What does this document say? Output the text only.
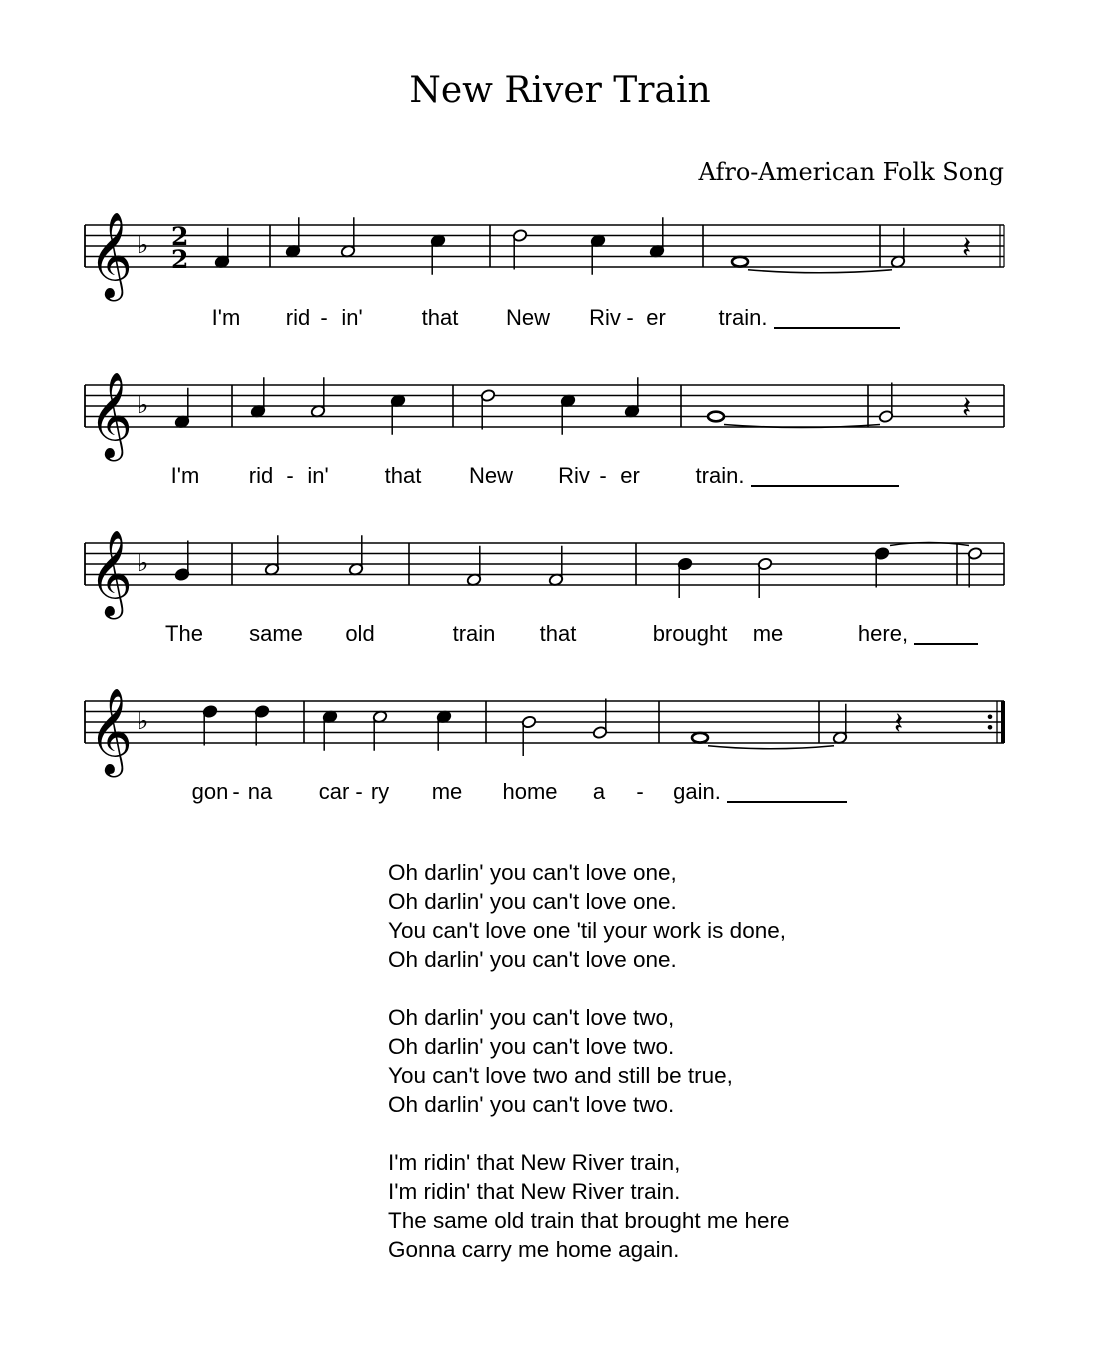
New River Train
Afro-American Folk Song
𝄞 ♭ 2
2	𝄽
I'm rid - in'	that New Riv - er train.
𝄞 ♭	𝄽
I'm rid - in'	that New Riv - er	train.
𝄞 ♭
The same old	train that	brought me	here,
𝄞 ♭	𝄽
gon - na car - ry me home a - gain.
Oh darlin' you can't love one,
Oh darlin' you can't love one.
You can't love one 'til your work is done,
Oh darlin' you can't love one.
Oh darlin' you can't love two,
Oh darlin' you can't love two.
You can't love two and still be true,
Oh darlin' you can't love two.
I'm ridin' that New River train,
I'm ridin' that New River train.
The same old train that brought me here
Gonna carry me home again.
